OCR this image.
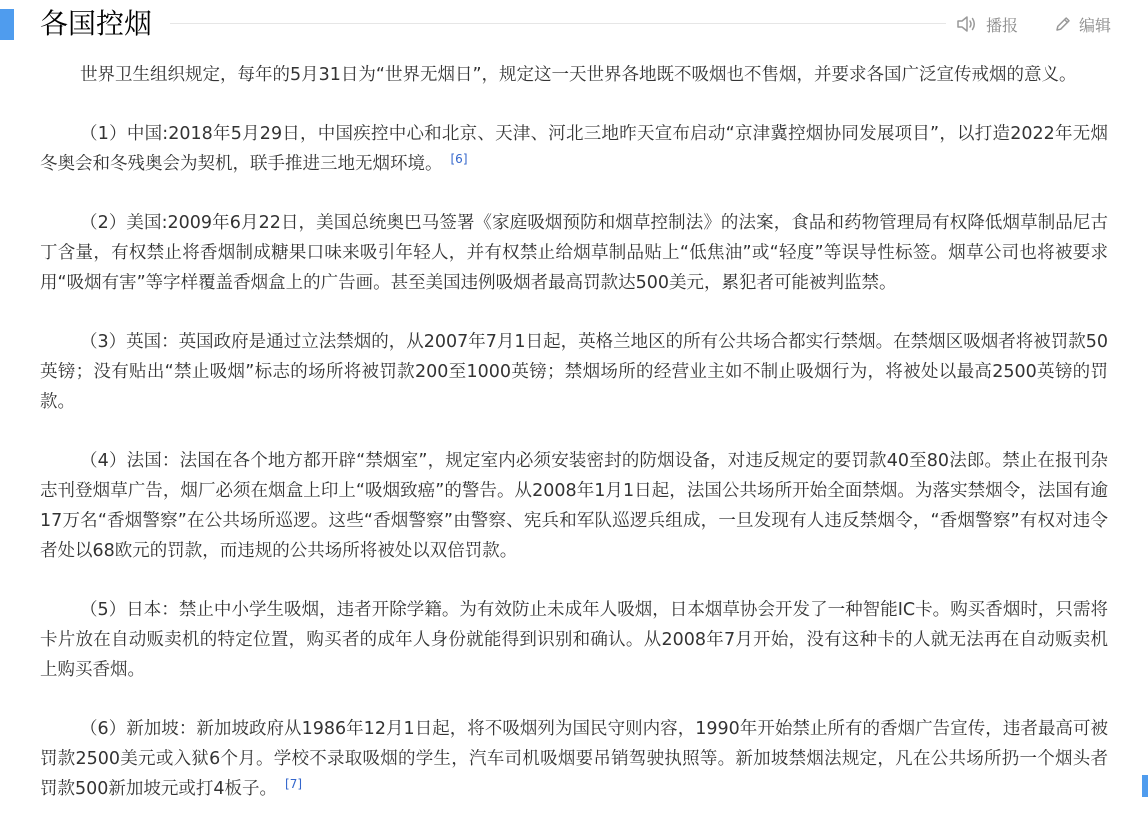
各国控烟	播报	编辑

世界卫生组织规定，每年的5月31日为“世界无烟日”，规定这一天世界各地既不吸烟也不售烟，并要求各国广泛宣传戒烟的意义。

（1）中国:2018年5月29日，中国疾控中心和北京、天津、河北三地昨天宣布启动“京津冀控烟协同发展项目”，以打造2022年无烟冬奥会和冬残奥会为契机，联手推进三地无烟环境。 [6]

（2）美国:2009年6月22日，美国总统奥巴马签署《家庭吸烟预防和烟草控制法》的法案，食品和药物管理局有权降低烟草制品尼古丁含量，有权禁止将香烟制成糖果口味来吸引年轻人，并有权禁止给烟草制品贴上“低焦油”或“轻度”等误导性标签。烟草公司也将被要求用“吸烟有害”等字样覆盖香烟盒上的广告画。甚至美国违例吸烟者最高罚款达500美元，累犯者可能被判监禁。

（3）英国：英国政府是通过立法禁烟的，从2007年7月1日起，英格兰地区的所有公共场合都实行禁烟。在禁烟区吸烟者将被罚款50英镑；没有贴出“禁止吸烟”标志的场所将被罚款200至1000英镑；禁烟场所的经营业主如不制止吸烟行为，将被处以最高2500英镑的罚款。

（4）法国：法国在各个地方都开辟“禁烟室”，规定室内必须安装密封的防烟设备，对违反规定的要罚款40至80法郎。禁止在报刊杂志刊登烟草广告，烟厂必须在烟盒上印上“吸烟致癌”的警告。从2008年1月1日起，法国公共场所开始全面禁烟。为落实禁烟令，法国有逾17万名“香烟警察”在公共场所巡逻。这些“香烟警察”由警察、宪兵和军队巡逻兵组成，一旦发现有人违反禁烟令，“香烟警察”有权对违令者处以68欧元的罚款，而违规的公共场所将被处以双倍罚款。

（5）日本：禁止中小学生吸烟，违者开除学籍。为有效防止未成年人吸烟，日本烟草协会开发了一种智能IC卡。购买香烟时，只需将卡片放在自动贩卖机的特定位置，购买者的成年人身份就能得到识别和确认。从2008年7月开始，没有这种卡的人就无法再在自动贩卖机上购买香烟。

（6）新加坡：新加坡政府从1986年12月1日起，将不吸烟列为国民守则内容，1990年开始禁止所有的香烟广告宣传，违者最高可被罚款2500美元或入狱6个月。学校不录取吸烟的学生，汽车司机吸烟要吊销驾驶执照等。新加坡禁烟法规定，凡在公共场所扔一个烟头者罚款500新加坡元或打4板子。 [7]
